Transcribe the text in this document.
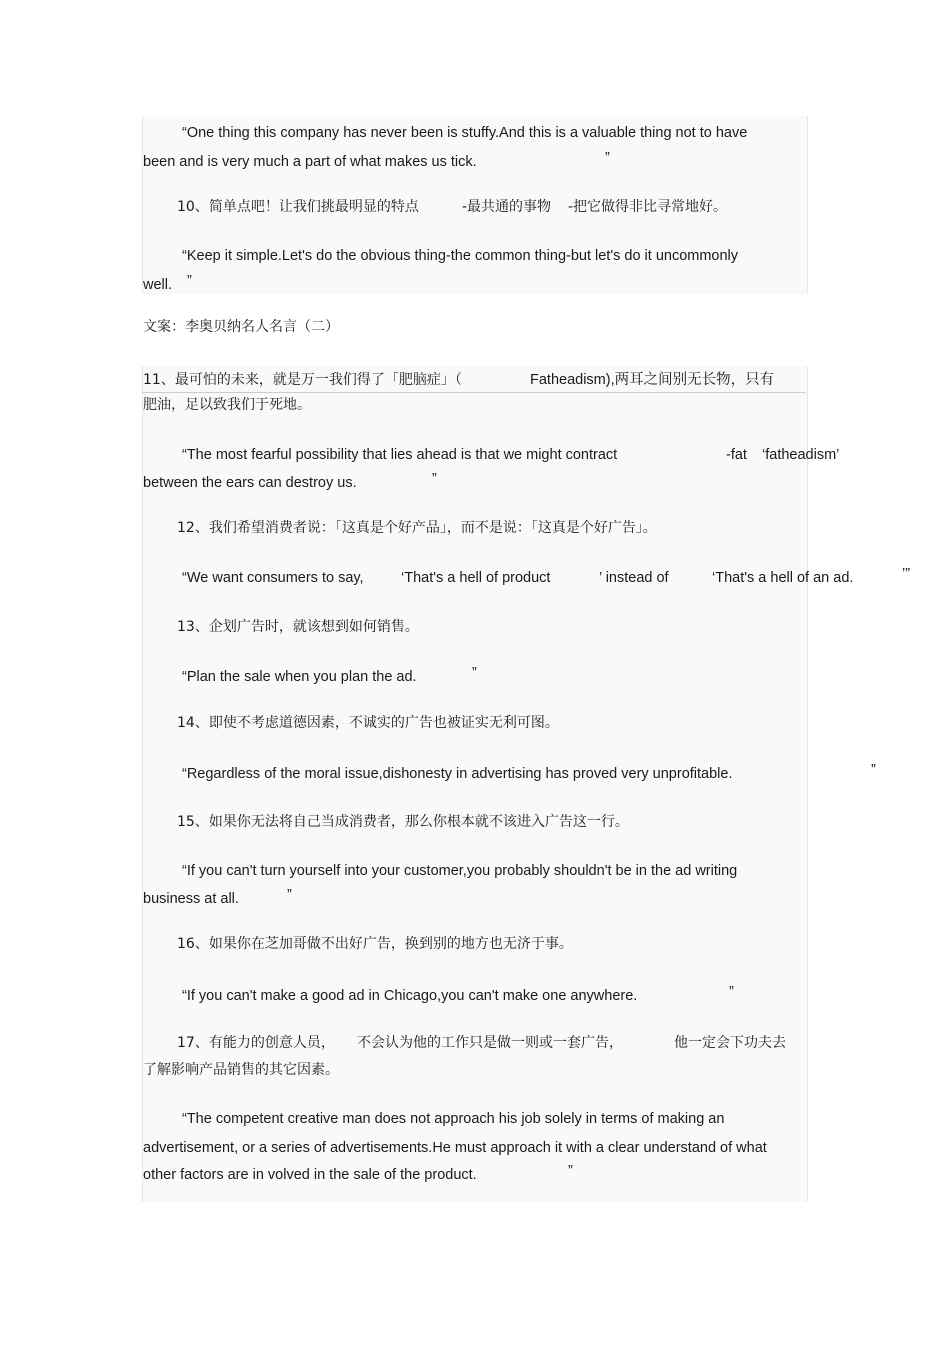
“One thing this company has never been is stuffy.And this is a valuable thing not to have
been and is very much a part of what makes us tick.	”
10、简单点吧！让我们挑最明显的特点	-最共通的事物 -把它做得非比寻常地好。
“Keep it simple.Let's do the obvious thing-the common thing-but let's do it uncommonly
well. ”
文案：李奥贝纳名人名言（二）
11、最可怕的未来，就是万一我们得了「肥脑症」（	Fatheadism),两耳之间别无长物，只有
肥油，足以致我们于死地。
“The most fearful possibility that lies ahead is that we might contract	-fat ‘fatheadism’
between the ears can destroy us.	”
12、我们希望消费者说：「这真是个好产品」，而不是说：「这真是个好广告」。
“We want consumers to say,	‘That's a hell of product	’ instead of	‘That's a hell of an ad.	’”
13、企划广告时，就该想到如何销售。
“Plan the sale when you plan the ad.	”
14、即使不考虑道德因素，不诚实的广告也被证实无利可图。
“Regardless of the moral issue,dishonesty in advertising has proved very unprofitable.	”
15、如果你无法将自己当成消费者，那么你根本就不该进入广告这一行。
“If you can't turn yourself into your customer,you probably shouldn't be in the ad writing
business at all.	”
16、如果你在芝加哥做不出好广告，换到别的地方也无济于事。
“If you can't make a good ad in Chicago,you can't make one anywhere.	”
17、有能力的创意人员， 不会认为他的工作只是做一则或一套广告，	他一定会下功夫去
了解影响产品销售的其它因素。
“The competent creative man does not approach his job solely in terms of making an
advertisement, or a series of advertisements.He must approach it with a clear understand of what
other factors are in volved in the sale of the product.	”
